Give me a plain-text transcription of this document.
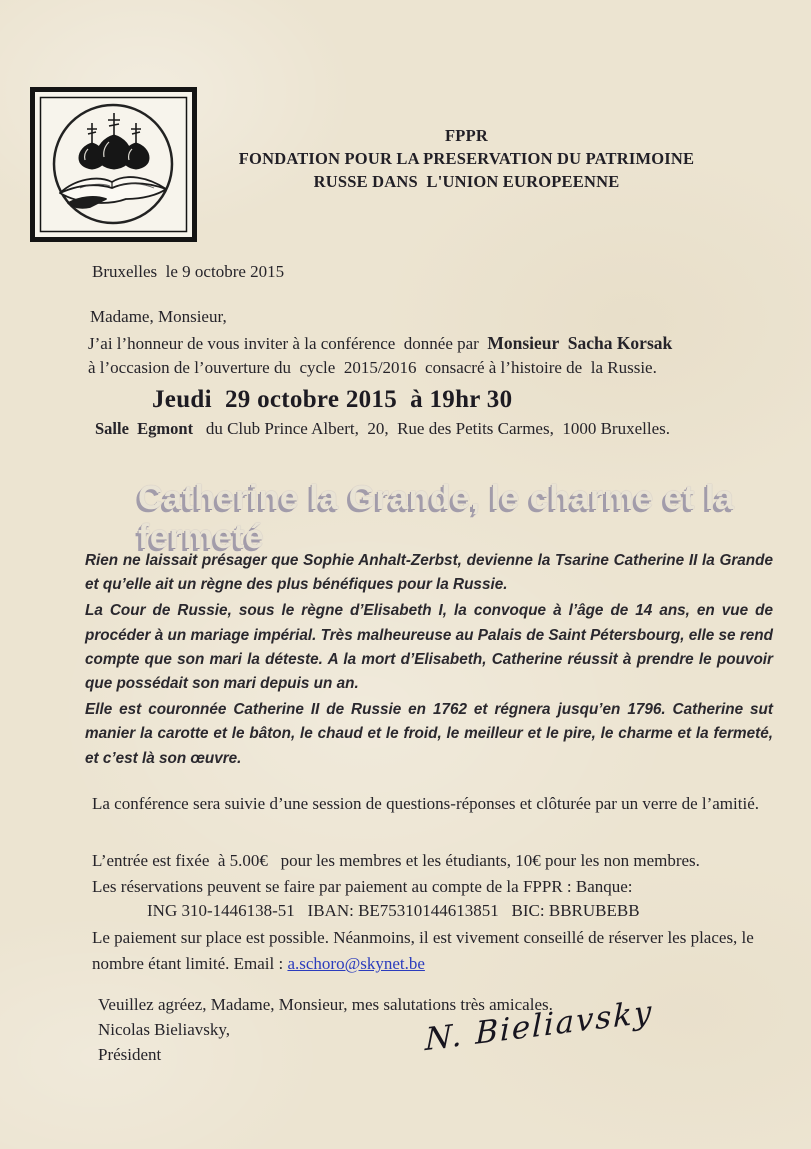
FPPR
FONDATION POUR LA PRESERVATION DU PATRIMOINE
RUSSE DANS  L'UNION EUROPEENNE
Bruxelles  le 9 octobre 2015
Madame, Monsieur,
J’ai l’honneur de vous inviter à la conférence  donnée par  Monsieur  Sacha Korsak
à l’occasion de l’ouverture du  cycle  2015/2016  consacré à l’histoire de  la Russie.
Jeudi  29 octobre 2015  à 19hr 30
Salle  Egmont   du Club Prince Albert,  20,  Rue des Petits Carmes,  1000 Bruxelles.
Catherine la Grande, le charme et la fermeté

Rien ne laissait présager que Sophie Anhalt-Zerbst, devienne la Tsarine Catherine II la Grande et qu’elle ait un règne des plus bénéfiques pour la Russie.

La Cour de Russie, sous le règne d’Elisabeth I, la convoque à l’âge de 14 ans, en vue de procéder à un mariage impérial. Très malheureuse au Palais de Saint Pétersbourg, elle se rend compte que son mari la déteste. A la mort d’Elisabeth, Catherine réussit à prendre le pouvoir que possédait son mari depuis un an.

Elle est couronnée Catherine II de Russie en 1762 et régnera jusqu’en 1796. Catherine sut manier la carotte et le bâton, le chaud et le froid, le meilleur et le pire, le charme et la fermeté, et c’est là son œuvre.

La conférence sera suivie d’une session de questions-réponses et clôturée par un verre de l’amitié.
L’entrée est fixée  à 5.00€   pour les membres et les étudiants, 10€ pour les non membres.
Les réservations peuvent se faire par paiement au compte de la FPPR : Banque:
ING 310-1446138-51   IBAN: BE75310144613851   BIC: BBRUBEBB
Le paiement sur place est possible. Néanmoins, il est vivement conseillé de réserver les places, le nombre étant limité. Email : a.schoro@skynet.be
Veuillez agréez, Madame, Monsieur, mes salutations très amicales.
Nicolas Bieliavsky,
Président	N. Bieliavsky
